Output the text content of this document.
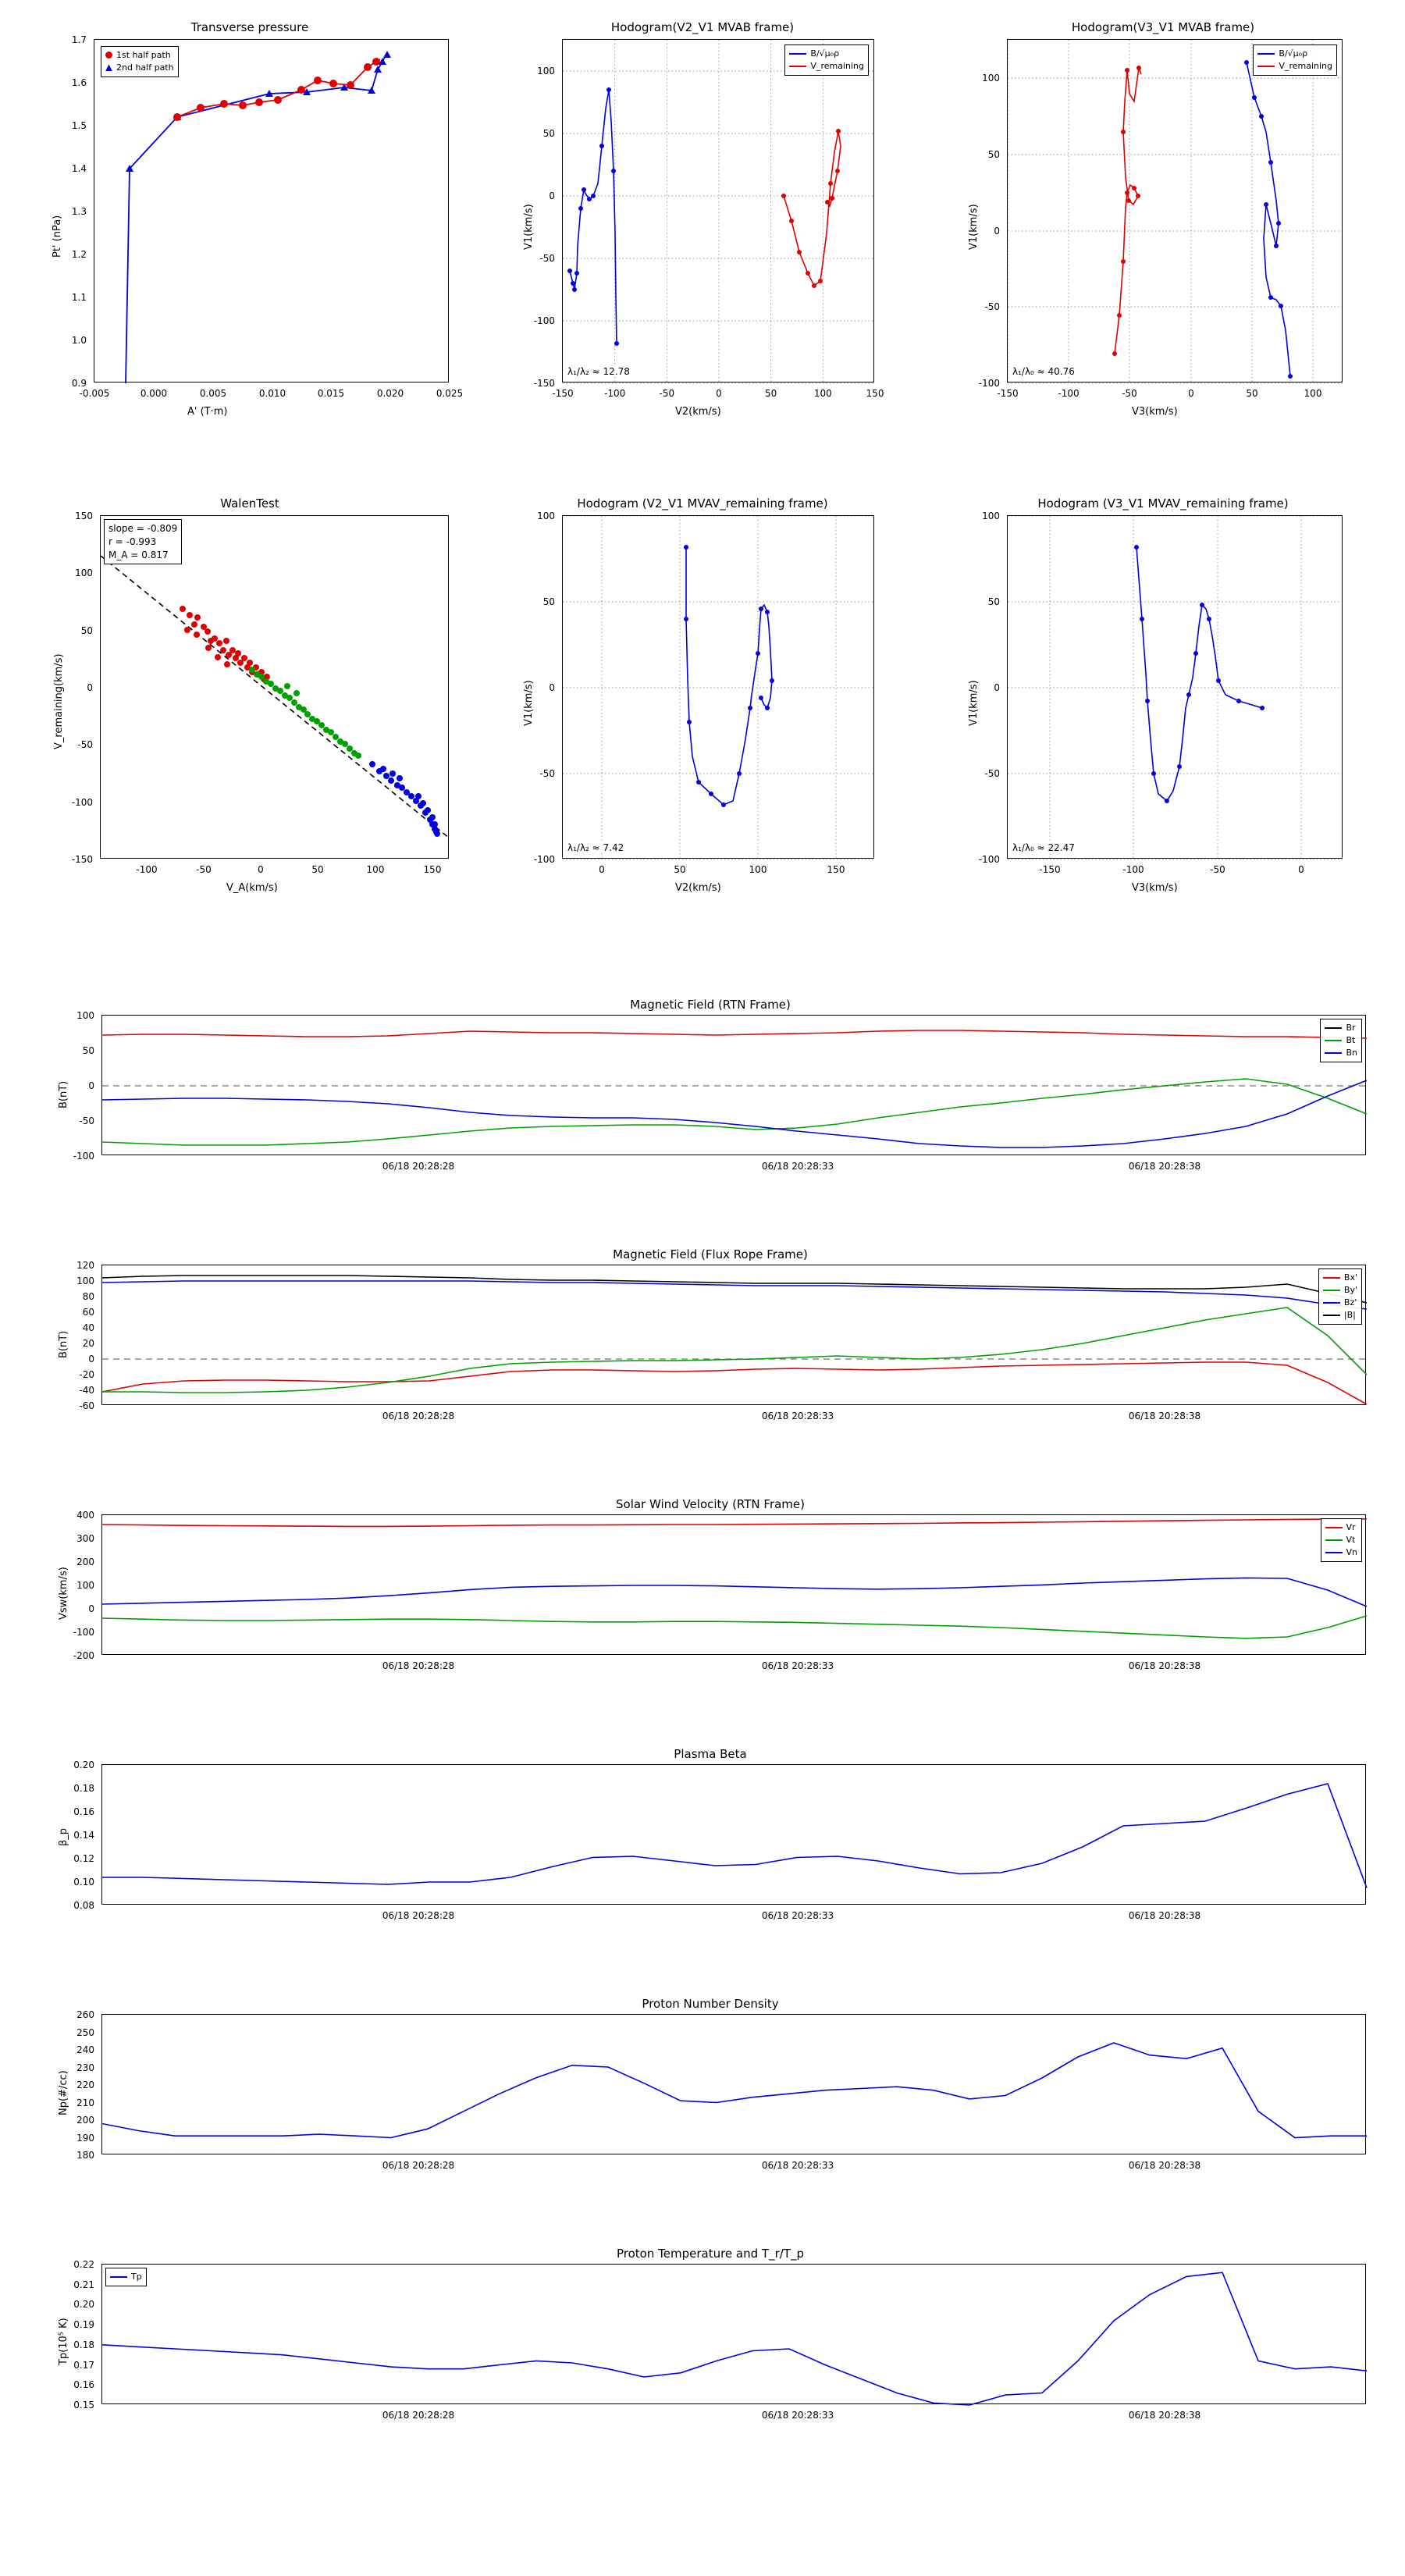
Transverse pressure
1st half path
2nd half path
0.9
1.0
1.1
1.2
1.3
1.4
1.5
1.6
1.7
-0.005	0.000	0.005	0.010	0.015	0.020	0.025
Pt' (nPa)
A' (T·m)
Hodogram(V2_V1 MVAB frame)
B/√μ₀ρ
V_remaining
λ₁/λ₂ ≈ 12.78
-150
-100
-50
0
50
100
-150	-100	-50	0	50	100	150
V1(km/s)
V2(km/s)
Hodogram(V3_V1 MVAB frame)
B/√μ₀ρ
V_remaining
λ₁/λ₀ ≈ 40.76
100
50
0
-50
-100
-150	-100	-50	0	50	100
V1(km/s)
V3(km/s)
WalenTest
slope = -0.809
r = -0.993
M_A = 0.817
150
100
50
0
-50
-100
-150
-100	-50	0	50	100	150
V_remaining(km/s)
V_A(km/s)
Hodogram (V2_V1 MVAV_remaining frame)
λ₁/λ₂ ≈ 7.42
100
50
0
-50
-100
0	50	100	150
V1(km/s)
V2(km/s)
Hodogram (V3_V1 MVAV_remaining frame)
λ₁/λ₀ ≈ 22.47
100
50
0
-50
-100
-150	-100	-50	0
V1(km/s)
V3(km/s)
Magnetic Field (RTN Frame)
Br
Bt
Bn
100
50
0
-50
-100
06/18 20:28:28	06/18 20:28:33	06/18 20:28:38
B(nT)
Magnetic Field (Flux Rope Frame)
Bx'
By'
Bz'
|B|
120
100
80
60
40
20
0
-20
-40
-60
06/18 20:28:28	06/18 20:28:33	06/18 20:28:38
B(nT)
Solar Wind Velocity (RTN Frame)
Vr
Vt
Vn
400
300
200
100
0
-100
-200
06/18 20:28:28	06/18 20:28:33	06/18 20:28:38
Vsw(km/s)
Plasma Beta
0.20
0.18
0.16
0.14
0.12
0.10
0.08
06/18 20:28:28	06/18 20:28:33	06/18 20:28:38
β_p
Proton Number Density
260
250
240
230
220
210
200
190
180
06/18 20:28:28	06/18 20:28:33	06/18 20:28:38
Np(#/cc)
Proton Temperature and T_r/T_p
Tp
0.22
0.21
0.20
0.19
0.18
0.17
0.16
0.15
06/18 20:28:28	06/18 20:28:33	06/18 20:28:38
Tp(10⁵ K)
